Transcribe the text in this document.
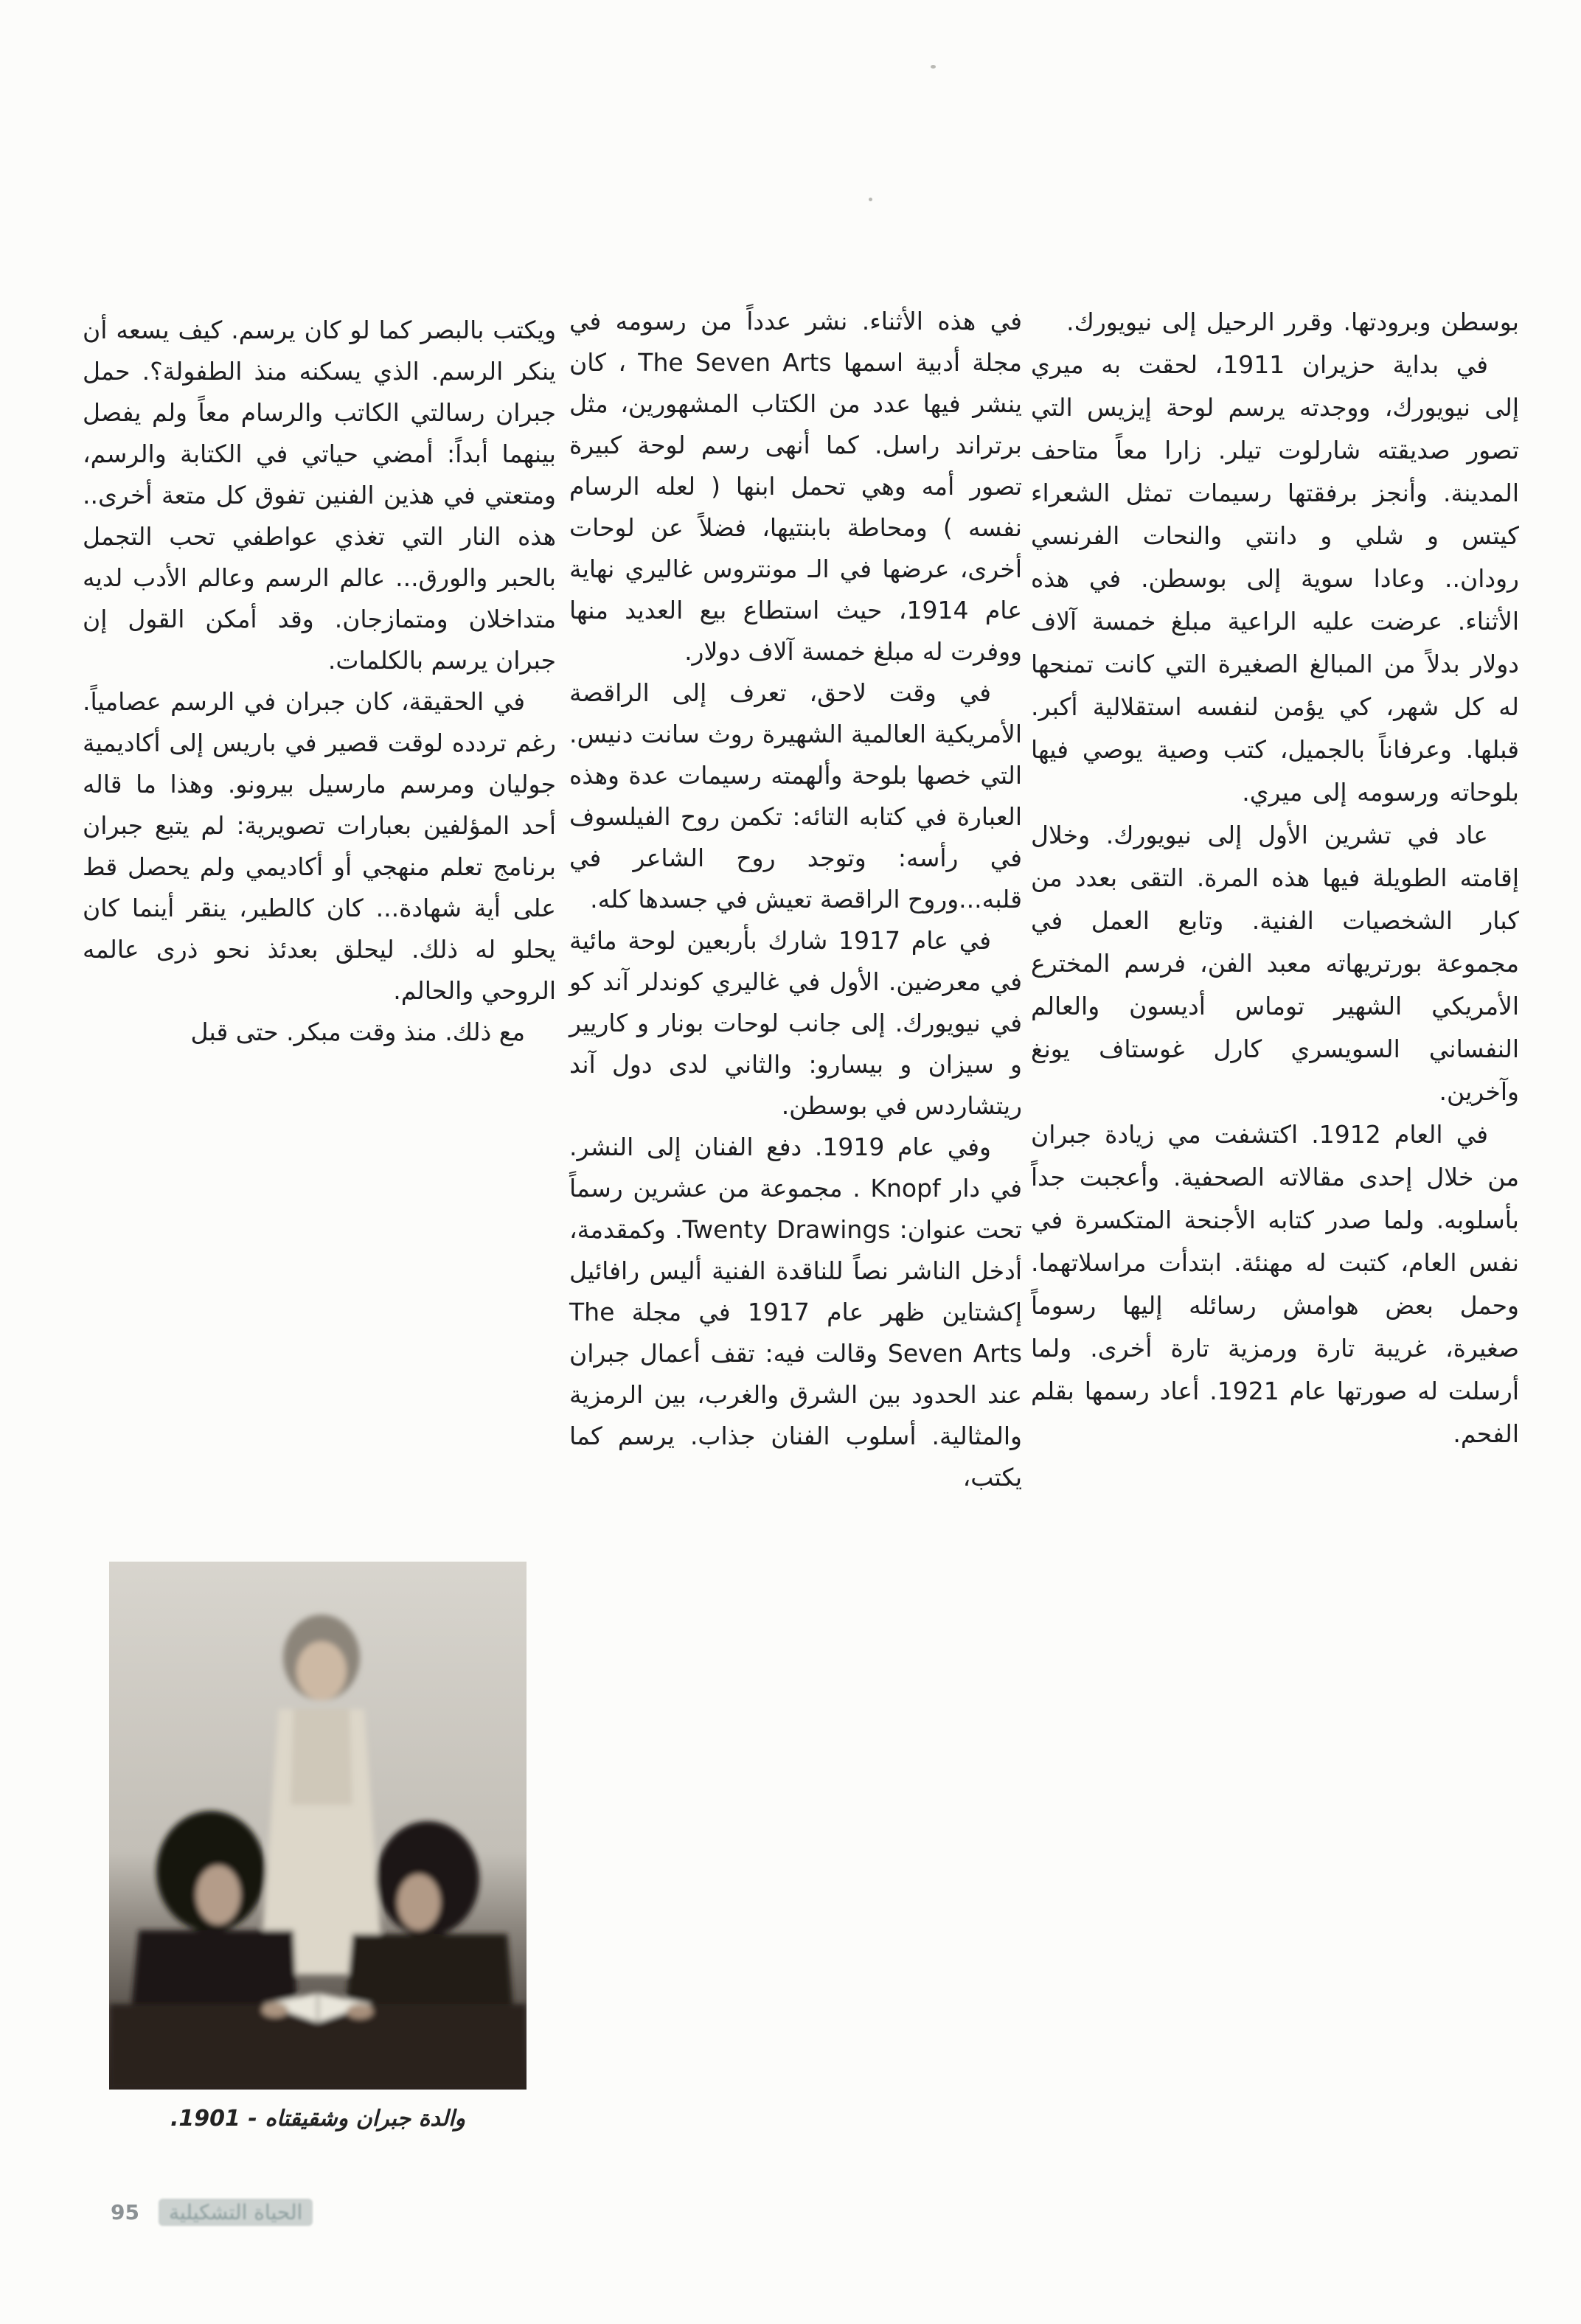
بوسطن وبرودتها. وقرر الرحيل إلى نيويورك.

في بداية حزيران 1911، لحقت به ميري إلى نيويورك، ووجدته يرسم لوحة إيزيس التي تصور صديقته شارلوت تيلر. زارا معاً متاحف المدينة. وأنجز برفقتها رسيمات تمثل الشعراء كيتس و شلي و دانتي والنحات الفرنسي رودان.. وعادا سوية إلى بوسطن. في هذه الأثناء. عرضت عليه الراعية مبلغ خمسة آلاف دولار بدلاً من المبالغ الصغيرة التي كانت تمنحها له كل شهر، كي يؤمن لنفسه استقلالية أكبر. قبلها. وعرفاناً بالجميل، كتب وصية يوصي فيها بلوحاته ورسومه إلى ميري.

عاد في تشرين الأول إلى نيويورك. وخلال إقامته الطويلة فيها هذه المرة. التقى بعدد من كبار الشخصيات الفنية. وتابع العمل في مجموعة بورتريهاته معبد الفن، فرسم المخترع الأمريكي الشهير توماس أديسون والعالم النفساني السويسري كارل غوستاف يونغ وآخرين.

في العام 1912. اكتشفت مي زيادة جبران من خلال إحدى مقالاته الصحفية. وأعجبت جداً بأسلوبه. ولما صدر كتابه الأجنحة المتكسرة في نفس العام، كتبت له مهنئة. ابتدأت مراسلاتهما. وحمل بعض هوامش رسائله إليها رسوماً صغيرة، غريبة تارة ورمزية تارة أخرى. ولما أرسلت له صورتها عام 1921. أعاد رسمها بقلم الفحم.

في هذه الأثناء. نشر عدداً من رسومه في مجلة أدبية اسمها The Seven Arts ، كان ينشر فيها عدد من الكتاب المشهورين، مثل برتراند راسل. كما أنهى رسم لوحة كبيرة تصور أمه وهي تحمل ابنها ( لعله الرسام نفسه ) ومحاطة بابنتيها، فضلاً عن لوحات أخرى، عرضها في الـ مونتروس غاليري نهاية عام 1914، حيث استطاع بيع العديد منها ووفرت له مبلغ خمسة آلاف دولار.

في وقت لاحق، تعرف إلى الراقصة الأمريكية العالمية الشهيرة روث سانت دنيس. التي خصها بلوحة وألهمته رسيمات عدة وهذه العبارة في كتابه التائه: تكمن روح الفيلسوف في رأسه: وتوجد روح الشاعر في قلبه...وروح الراقصة تعيش في جسدها كله.

في عام 1917 شارك بأربعين لوحة مائية في معرضين. الأول في غاليري كوندلر آند كو في نيويورك. إلى جانب لوحات بونار و كاريير و سيزان و بيسارو: والثاني لدى دول آند ريتشاردس في بوسطن.

وفي عام 1919. دفع الفنان إلى النشر. في دار Knopf . مجموعة من عشرين رسماً تحت عنوان: Twenty Drawings. وكمقدمة، أدخل الناشر نصاً للناقدة الفنية أليس رافائيل إكشتاين ظهر عام 1917 في مجلة The Seven Arts وقالت فيه: تقف أعمال جبران عند الحدود بين الشرق والغرب، بين الرمزية والمثالية. أسلوب الفنان جذاب. يرسم كما يكتب،

ويكتب بالبصر كما لو كان يرسم. كيف يسعه أن ينكر الرسم. الذي يسكنه منذ الطفولة؟. حمل جبران رسالتي الكاتب والرسام معاً ولم يفصل بينهما أبداً: أمضي حياتي في الكتابة والرسم، ومتعتي في هذين الفنين تفوق كل متعة أخرى.. هذه النار التي تغذي عواطفي تحب التجمل بالحبر والورق... عالم الرسم وعالم الأدب لديه متداخلان ومتمازجان. وقد أمكن القول إن جبران يرسم بالكلمات.

في الحقيقة، كان جبران في الرسم عصامياً. رغم تردده لوقت قصير في باريس إلى أكاديمية جوليان ومرسم مارسيل بيرونو. وهذا ما قاله أحد المؤلفين بعبارات تصويرية: لم يتبع جبران برنامج تعلم منهجي أو أكاديمي ولم يحصل قط على أية شهادة... كان كالطير، ينقر أينما كان يحلو له ذلك. ليحلق بعدئذ نحو ذرى عالمه الروحي والحالم.

مع ذلك. منذ وقت مبكر. حتى قبل

والدة جبران وشقيقتاه - 1901.
95	الحياة التشكيلية
